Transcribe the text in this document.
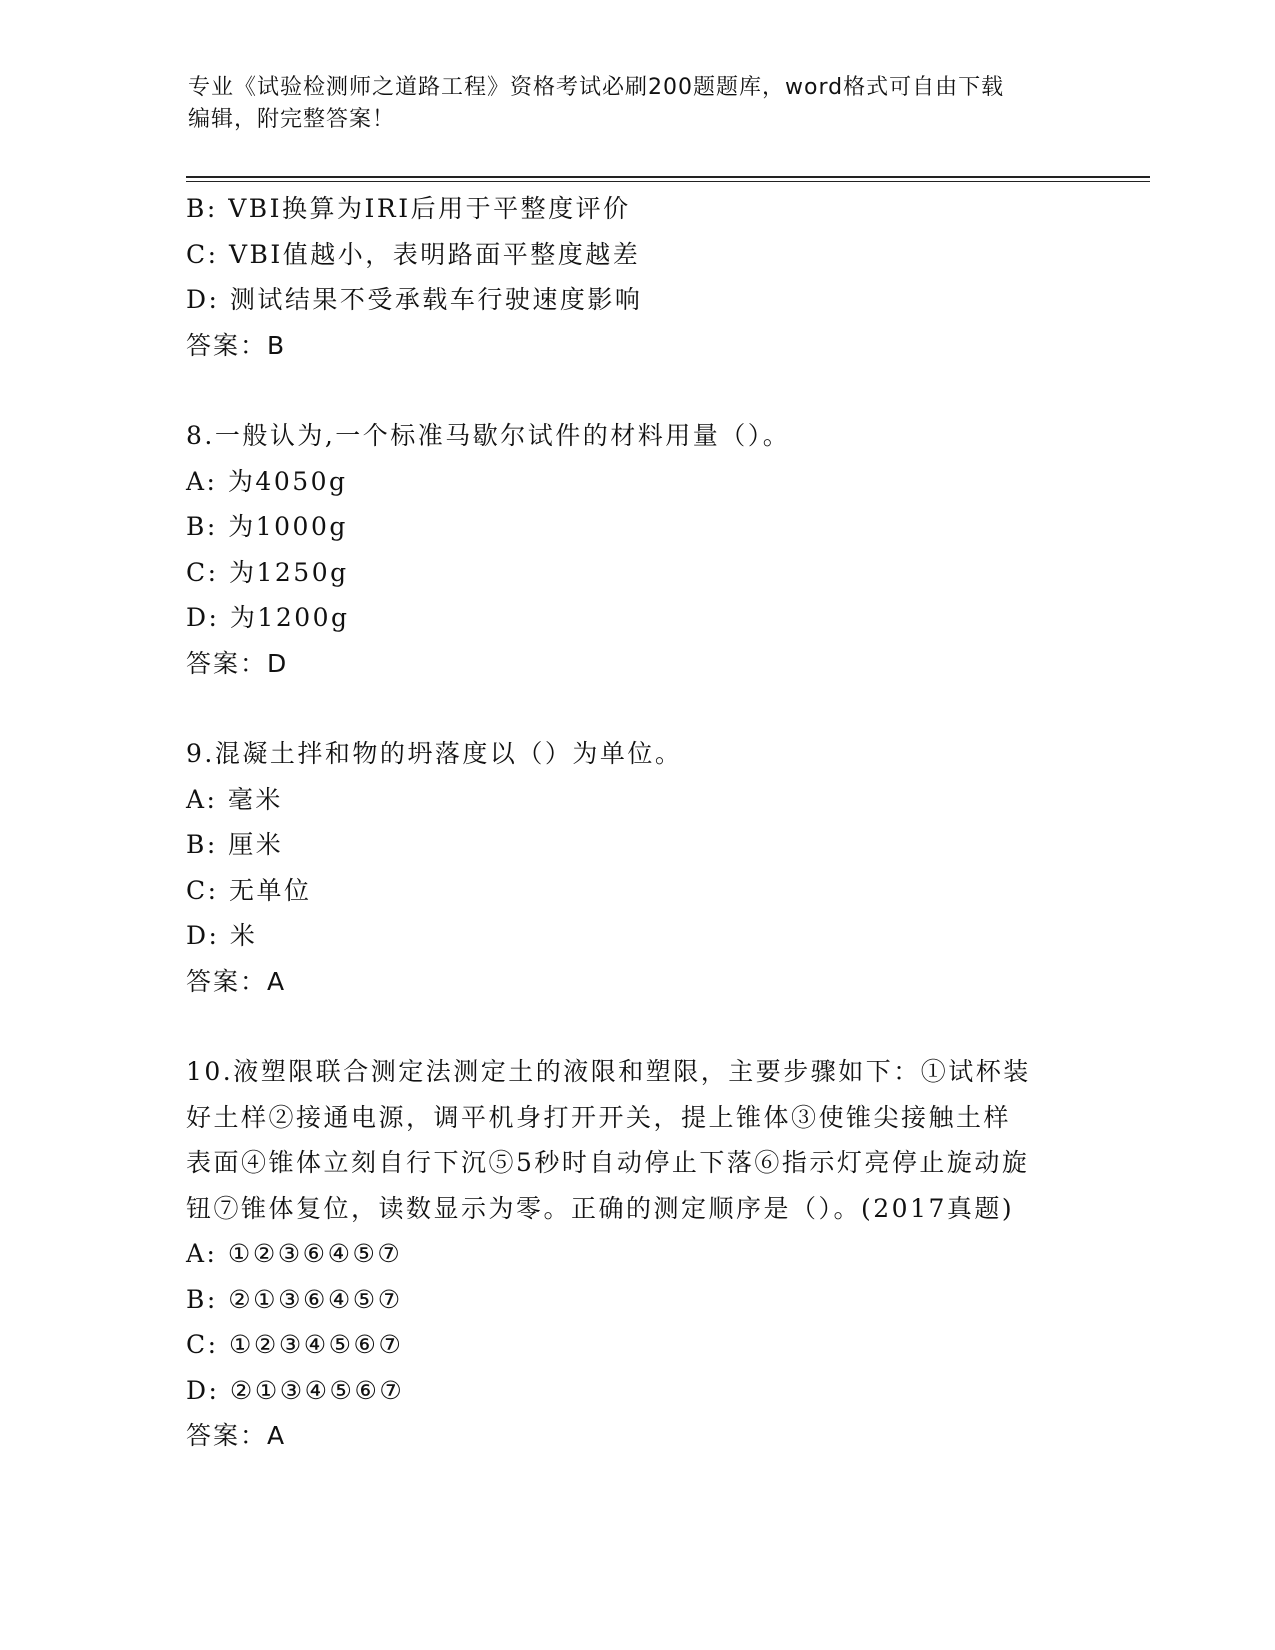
专业《试验检测师之道路工程》资格考试必刷200题题库，word格式可自由下载
编辑，附完整答案！
B: VBI换算为IRI后用于平整度评价
C: VBI值越小，表明路面平整度越差
D: 测试结果不受承载车行驶速度影响
答案：B
8.一般认为,一个标准马歇尔试件的材料用量（）。
A: 为4050g
B: 为1000g
C: 为1250g
D: 为1200g
答案：D
9.混凝土拌和物的坍落度以（）为单位。
A: 毫米
B: 厘米
C: 无单位
D: 米
答案：A
10.液塑限联合测定法测定土的液限和塑限，主要步骤如下：①试杯装
好土样②接通电源，调平机身打开开关，提上锥体③使锥尖接触土样
表面④锥体立刻自行下沉⑤5秒时自动停止下落⑥指示灯亮停止旋动旋
钮⑦锥体复位，读数显示为零。正确的测定顺序是（）。(2017真题)
A: ①②③⑥④⑤⑦
B: ②①③⑥④⑤⑦
C: ①②③④⑤⑥⑦
D: ②①③④⑤⑥⑦
答案：A
